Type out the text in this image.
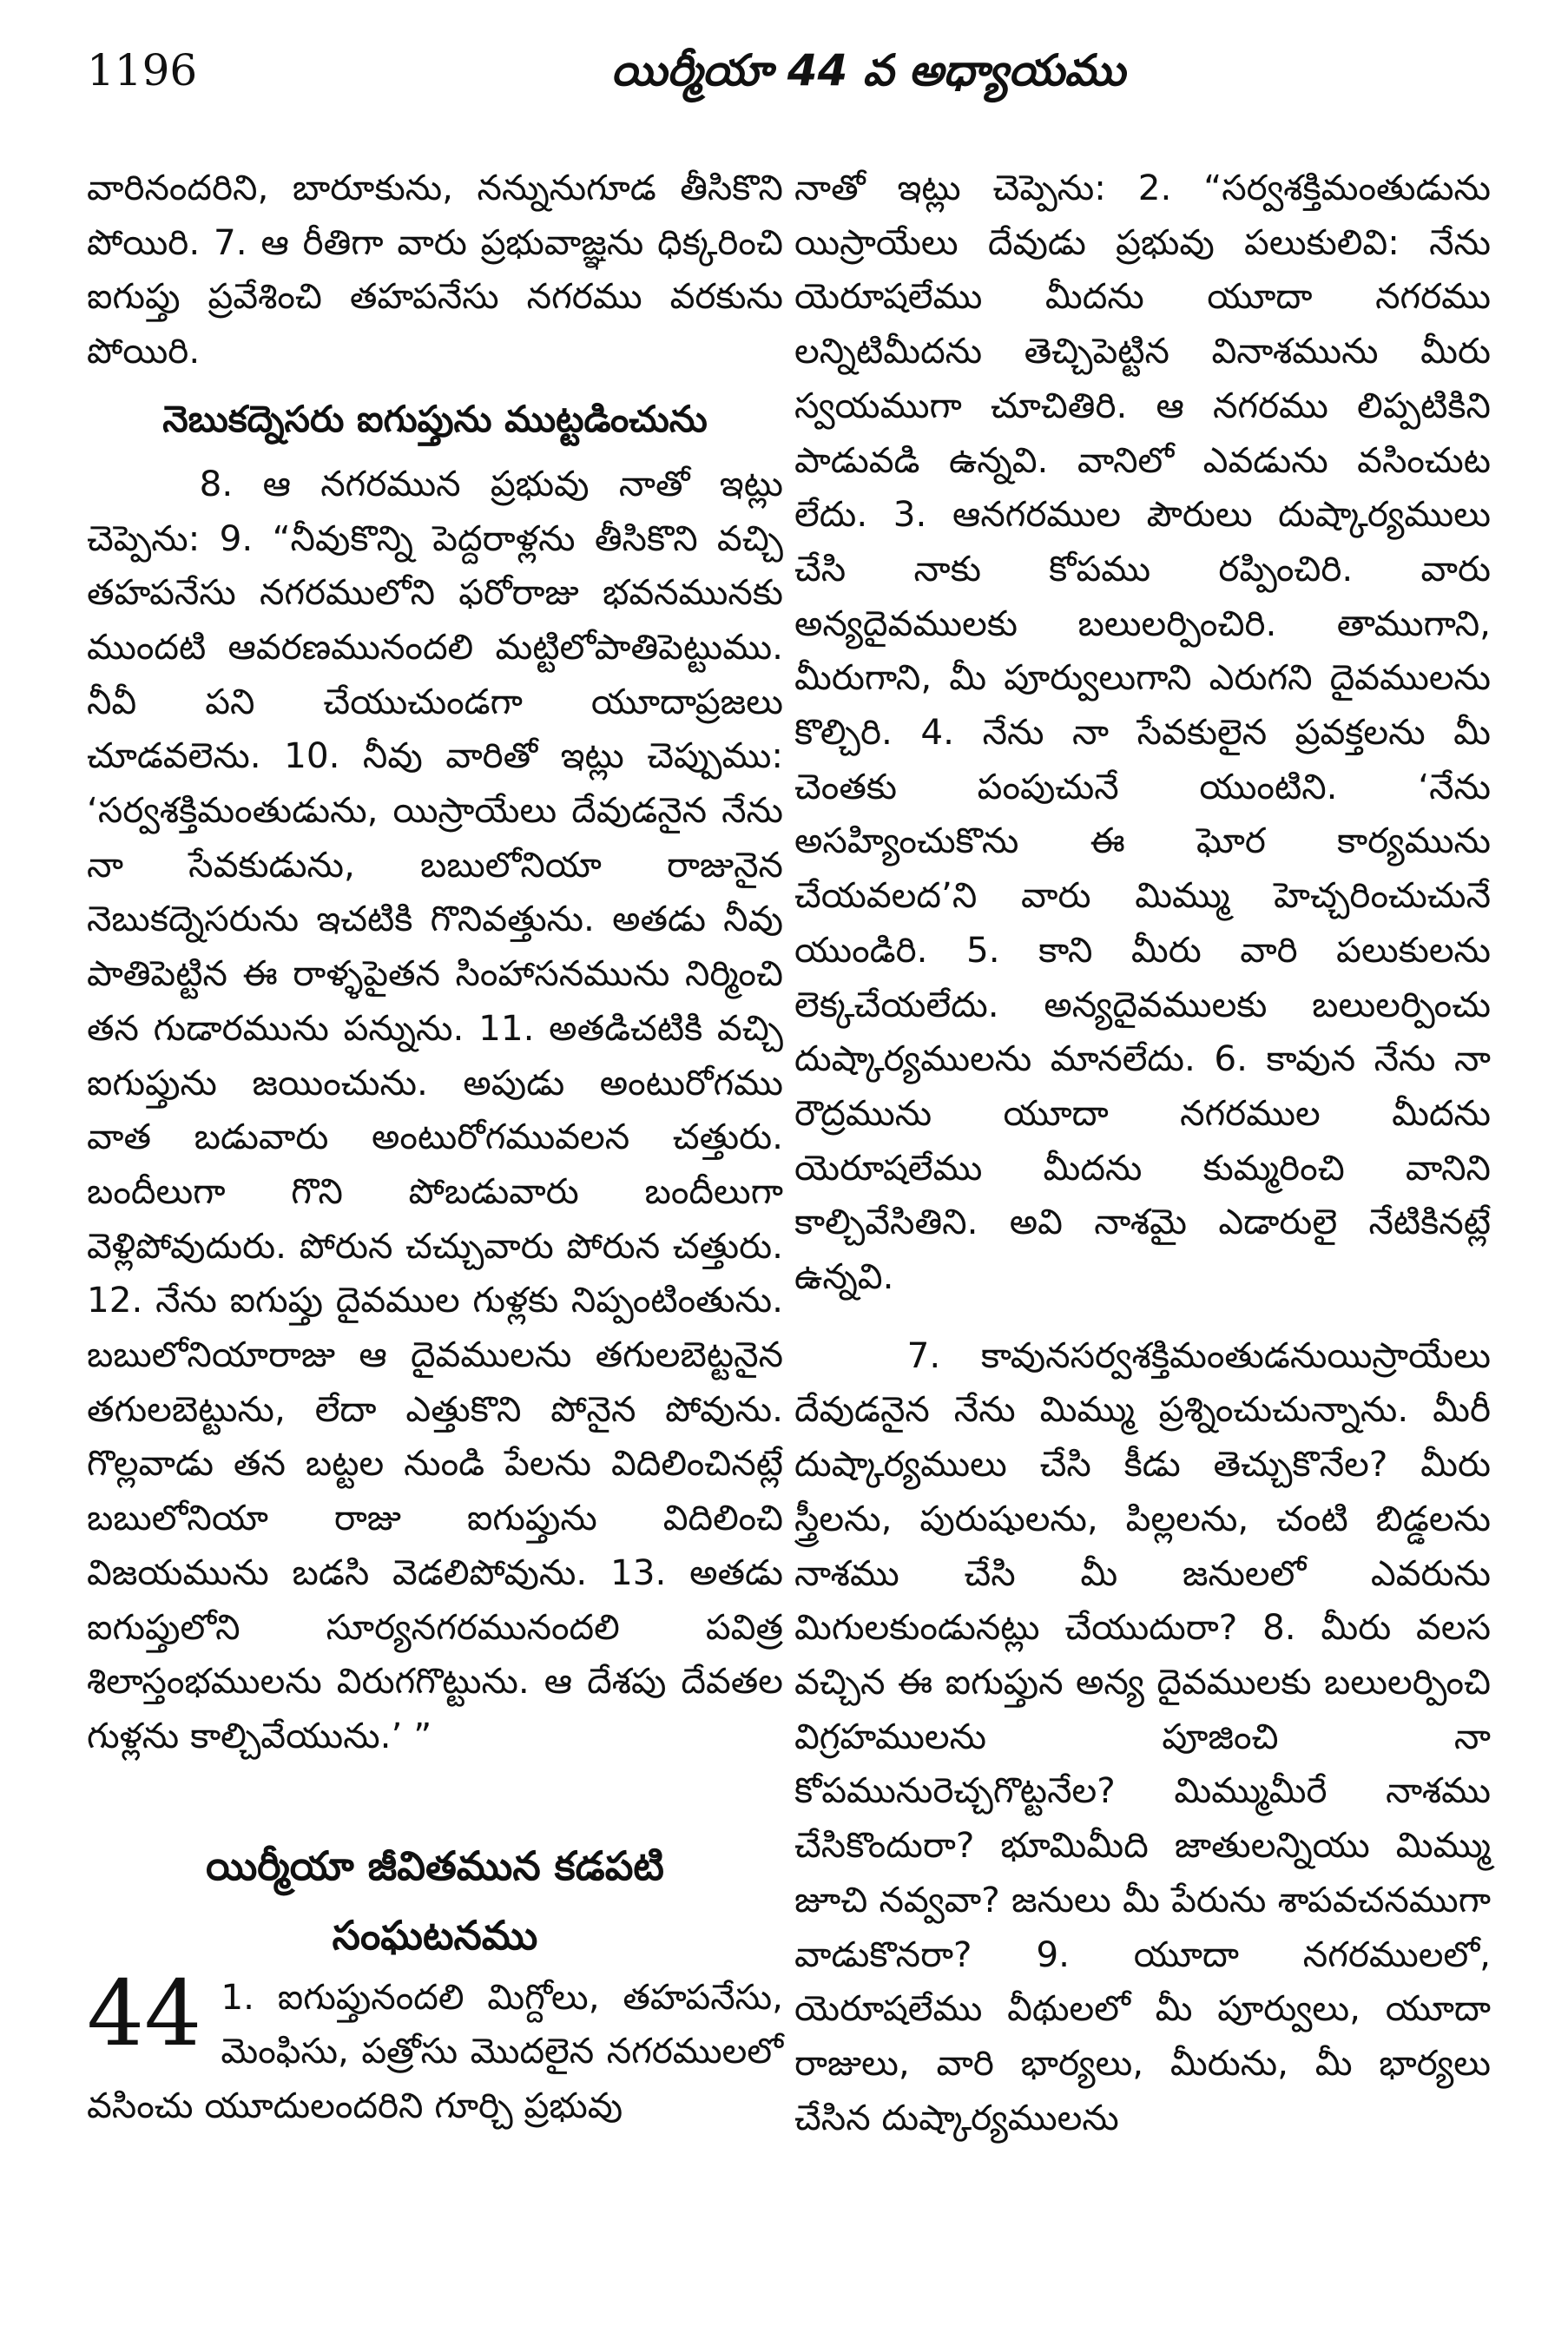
1196	యిర్మీయా 44 వ అధ్యాయము

వారినందరిని, బారూకును, నన్నునుగూడ తీసికొని పోయిరి. 7. ఆ రీతిగా వారు ప్రభువాజ్ఞను ధిక్కరించి ఐగుప్తు ప్రవేశించి తహపనేసు నగరము వరకును పోయిరి.

నెబుకద్నెసరు ఐగుప్తును ముట్టడించును

8. ఆ నగరమున ప్రభువు నాతో ఇట్లు చెప్పెను: 9. “నీవుకొన్ని పెద్దరాళ్లను తీసికొని వచ్చి తహపనేసు నగరములోని ఫరోరాజు భవనమునకు ముందటి ఆవరణమునందలి మట్టిలోపాతిపెట్టుము. నీవీ పని చేయుచుండగా యూదాప్రజలు చూడవలెను. 10. నీవు వారితో ఇట్లు చెప్పుము: ‘సర్వశక్తిమంతుడును, యిస్రాయేలు దేవుడనైన నేను నా సేవకుడును, బబులోనియా రాజునైన నెబుకద్నెసరును ఇచటికి గొనివత్తును. అతడు నీవు పాతిపెట్టిన ఈ రాళ్ళపైతన సింహాసనమును నిర్మించి తన గుడారమును పన్నును. 11. అతడిచటికి వచ్చి ఐగుప్తును జయించును. అపుడు అంటురోగము వాత బడువారు అంటురోగమువలన చత్తురు. బందీలుగా గొని పోబడువారు బందీలుగా వెళ్లిపోవుదురు. పోరున చచ్చువారు పోరున చత్తురు. 12. నేను ఐగుప్తు దైవముల గుళ్లకు నిప్పంటింతును. బబులోనియారాజు ఆ దైవములను తగులబెట్టనైన తగులబెట్టును, లేదా ఎత్తుకొని పోనైన పోవును. గొల్లవాడు తన బట్టల నుండి పేలను విదిలించినట్లే బబులోనియా రాజు ఐగుప్తును విదిలించి విజయమును బడసి వెడలిపోవును. 13. అతడు ఐగుప్తులోని సూర్యనగరమునందలి పవిత్ర శిలాస్తంభములను విరుగగొట్టును. ఆ దేశపు దేవతల గుళ్లను కాల్చివేయును.’ ”

యిర్మీయా జీవితమున కడపటి
సంఘటనము

44 1. ఐగుప్తునందలి మిగ్దోలు, తహపనేసు, మెంఫిసు, పత్రోసు మొదలైన నగరములలో వసించు యూదులందరిని గూర్చి ప్రభువు

నాతో ఇట్లు చెప్పెను: 2. “సర్వశక్తిమంతుడును యిస్రాయేలు దేవుడు ప్రభువు పలుకులివి: నేను యెరూషలేము మీదను యూదా నగరము లన్నిటిమీదను తెచ్చిపెట్టిన వినాశమును మీరు స్వయముగా చూచితిరి. ఆ నగరము లిప్పటికిని పాడువడి ఉన్నవి. వానిలో ఎవడును వసించుట లేదు. 3. ఆనగరముల పౌరులు దుష్కార్యములు చేసి నాకు కోపము రప్పించిరి. వారు అన్యదైవములకు బలులర్పించిరి. తాముగాని, మీరుగాని, మీ పూర్వులుగాని ఎరుగని దైవములను కొల్చిరి. 4. నేను నా సేవకులైన ప్రవక్తలను మీ చెంతకు పంపుచునే యుంటిని. ‘నేను అసహ్యించుకొను ఈ ఘోర కార్యమును చేయవలద’ని వారు మిమ్ము హెచ్చరించుచునే యుండిరి. 5. కాని మీరు వారి పలుకులను లెక్కచేయలేదు. అన్యదైవములకు బలులర్పించు దుష్కార్యములను మానలేదు. 6. కావున నేను నా రౌద్రమును యూదా నగరముల మీదను యెరూషలేము మీదను కుమ్మరించి వానిని కాల్చివేసితిని. అవి నాశమై ఎడారులై నేటికినట్లే ఉన్నవి.

7. కావునసర్వశక్తిమంతుడనుయిస్రాయేలు దేవుడనైన నేను మిమ్ము ప్రశ్నించుచున్నాను. మీరీ దుష్కార్యములు చేసి కీడు తెచ్చుకొనేల? మీరు స్త్రీలను, పురుషులను, పిల్లలను, చంటి బిడ్డలను నాశము చేసి మీ జనులలో ఎవరును మిగులకుండునట్లు చేయుదురా? 8. మీరు వలస వచ్చిన ఈ ఐగుప్తున అన్య దైవములకు బలులర్పించి విగ్రహములను పూజించి నా కోపమునురెచ్చగొట్టనేల? మిమ్ముమీరే నాశము చేసికొందురా? భూమిమీది జాతులన్నియు మిమ్ము జూచి నవ్వవా? జనులు మీ పేరును శాపవచనముగా వాడుకొనరా? 9. యూదా నగరములలో, యెరూషలేము వీథులలో మీ పూర్వులు, యూదా రాజులు, వారి భార్యలు, మీరును, మీ భార్యలు చేసిన దుష్కార్యములను
